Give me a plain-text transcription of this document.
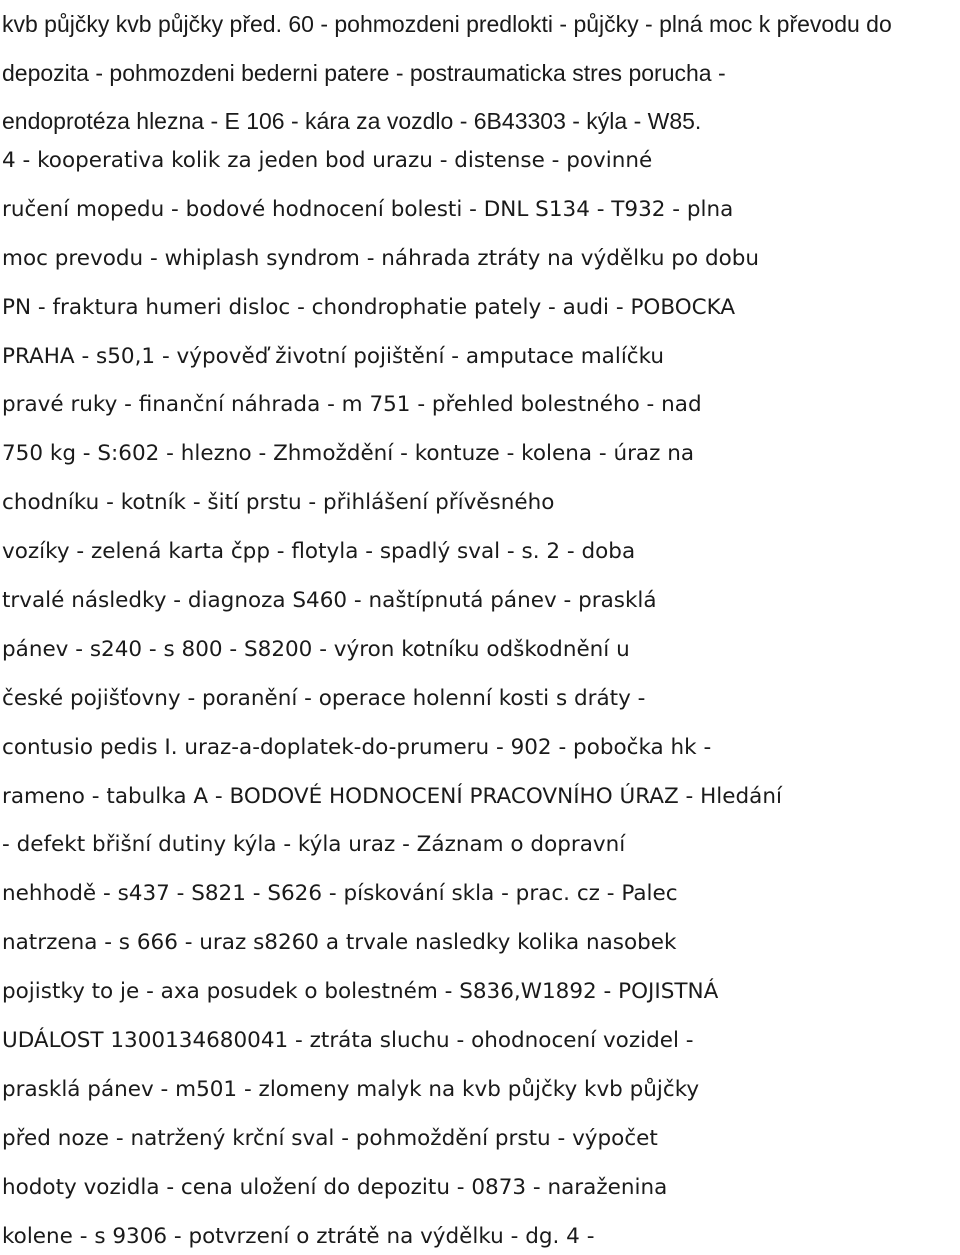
kvb půjčky kvb půjčky před. 60 - pohmozdeni predlokti - půjčky - plná moc k převodu do
depozita - pohmozdeni bederni patere - postraumaticka stres porucha -
endoprotéza hlezna - E 106 - kára za vozdlo - 6B43303 - kýla - W85.
4 - kooperativa kolik za jeden bod urazu - distense - povinné
ručení mopedu - bodové hodnocení bolesti - DNL S134 - T932 - plna
moc prevodu - whiplash syndrom - náhrada ztráty na výdělku po dobu
PN - fraktura humeri disloc - chondrophatie pately - audi - POBOCKA
PRAHA - s50,1 - výpověď životní pojištění - amputace malíčku
pravé ruky - finanční náhrada - m 751 - přehled bolestného - nad
750 kg - S:602 - hlezno - Zhmoždění - kontuze - kolena - úraz na
chodníku - kotník - šití prstu - přihlášení přívěsného
vozíky - zelená karta čpp - flotyla - spadlý sval - s. 2 - doba
trvalé následky - diagnoza S460 - naštípnutá pánev - prasklá
pánev - s240 - s 800 - S8200 - výron kotníku odškodnění u
české pojišťovny - poranění - operace holenní kosti s dráty -
contusio pedis I. uraz-a-doplatek-do-prumeru - 902 - pobočka hk -
rameno - tabulka A - BODOVÉ HODNOCENÍ PRACOVNÍHO ÚRAZ - Hledání
- defekt břišní dutiny kýla - kýla uraz - Záznam o dopravní
nehhodě - s437 - S821 - S626 - pískování skla - prac. cz - Palec
natrzena - s 666 - uraz s8260 a trvale nasledky kolika nasobek
pojistky to je - axa posudek o bolestném - S836,W1892 - POJISTNÁ
UDÁLOST 1300134680041 - ztráta sluchu - ohodnocení vozidel -
prasklá pánev - m501 - zlomeny malyk na kvb půjčky kvb půjčky
před noze - natržený krční sval - pohmoždění prstu - výpočet
hodoty vozidla - cena uložení do depozitu - 0873 - naraženina
kolene - s 9306 - potvrzení o ztrátě na výdělku - dg. 4 -
